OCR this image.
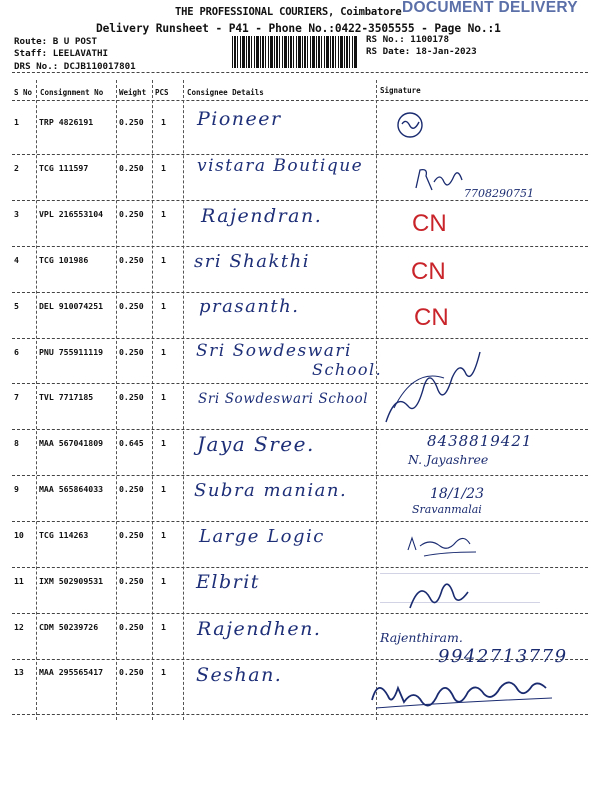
THE PROFESSIONAL COURIERS, Coimbatore DOCUMENT DELIVERY
Delivery Runsheet - P41 - Phone No.:0422-3505555 - Page No.:1
Route: B U POST
Staff: LEELAVATHI
DRS No.: DCJB110017801
RS No.: 1100178
RS Date: 18-Jan-2023
S No Consignment No Weight PCS Consignee Details	Signature
1 TRP 4826191	0.250 1 Pioneer
2 TCG 111597	0.250 1 vistara Boutique
7708290751
3 VPL 216553104 0.250 1 Rajendran.	CN
4 TCG 101986	0.250 1 sri Shakthi	CN
5 DEL 910074251 0.250 1 prasanth.	CN
6 PNU 755911119 0.250 1 Sri Sowdeswari
School.
7 TVL 7717185	0.250 1 Sri Sowdeswari School
8 MAA 567041809 0.645 1 Jaya Sree.	8438819421
N. Jayashree
9 MAA 565864033 0.250 1 Subra manian.	18/1/23
Sravanmalai
10 TCG 114263	0.250 1 Large Logic
11 IXM 502909531 0.250 1 Elbrit
12 CDM 50239726	0.250 1 Rajendhen.	Rajenthiram.
9942713779
13 MAA 295565417 0.250 1 Seshan.
